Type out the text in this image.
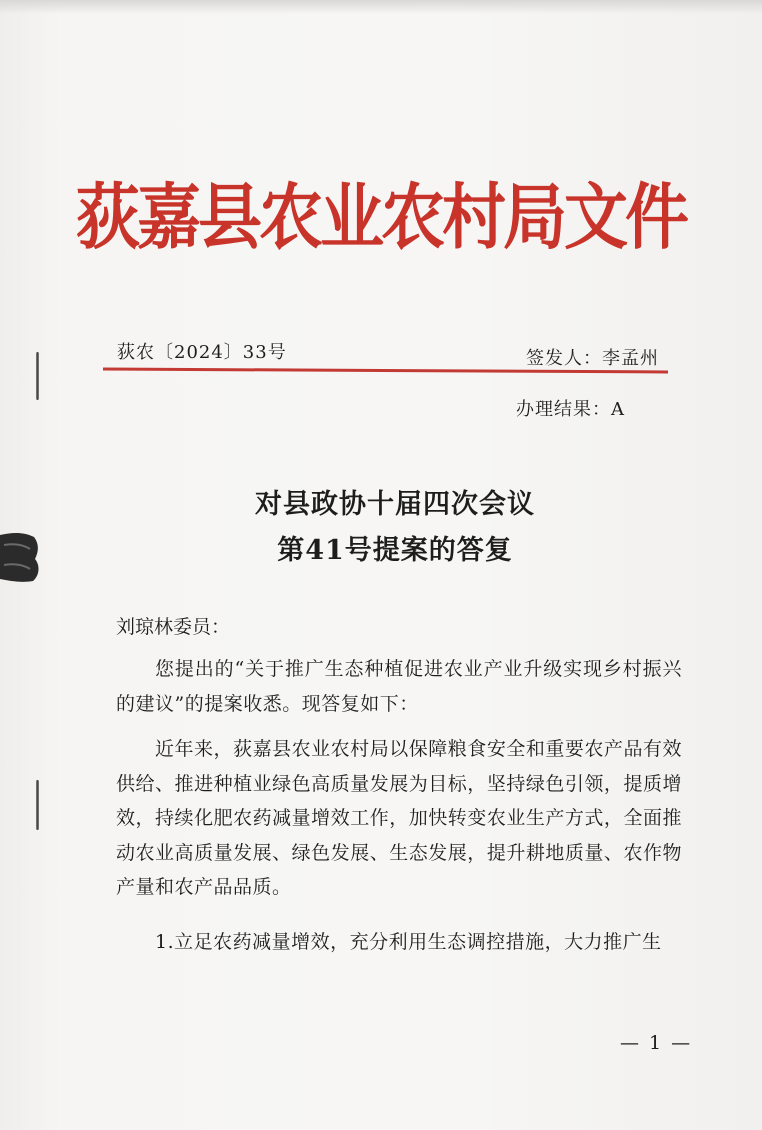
荻嘉县农业农村局文件
荻农〔2024〕33号	签发人：李孟州
办理结果：A
对县政协十届四次会议
第41号提案的答复
刘琼林委员：
您提出的“关于推广生态种植促进农业产业升级实现乡村振兴的建议”的提案收悉。现答复如下：
近年来，荻嘉县农业农村局以保障粮食安全和重要农产品有效供给、推进种植业绿色高质量发展为目标，坚持绿色引领，提质增效，持续化肥农药减量增效工作，加快转变农业生产方式，全面推动农业高质量发展、绿色发展、生态发展，提升耕地质量、农作物产量和农产品品质。
1.立足农药减量增效，充分利用生态调控措施，大力推广生
— 1 —
